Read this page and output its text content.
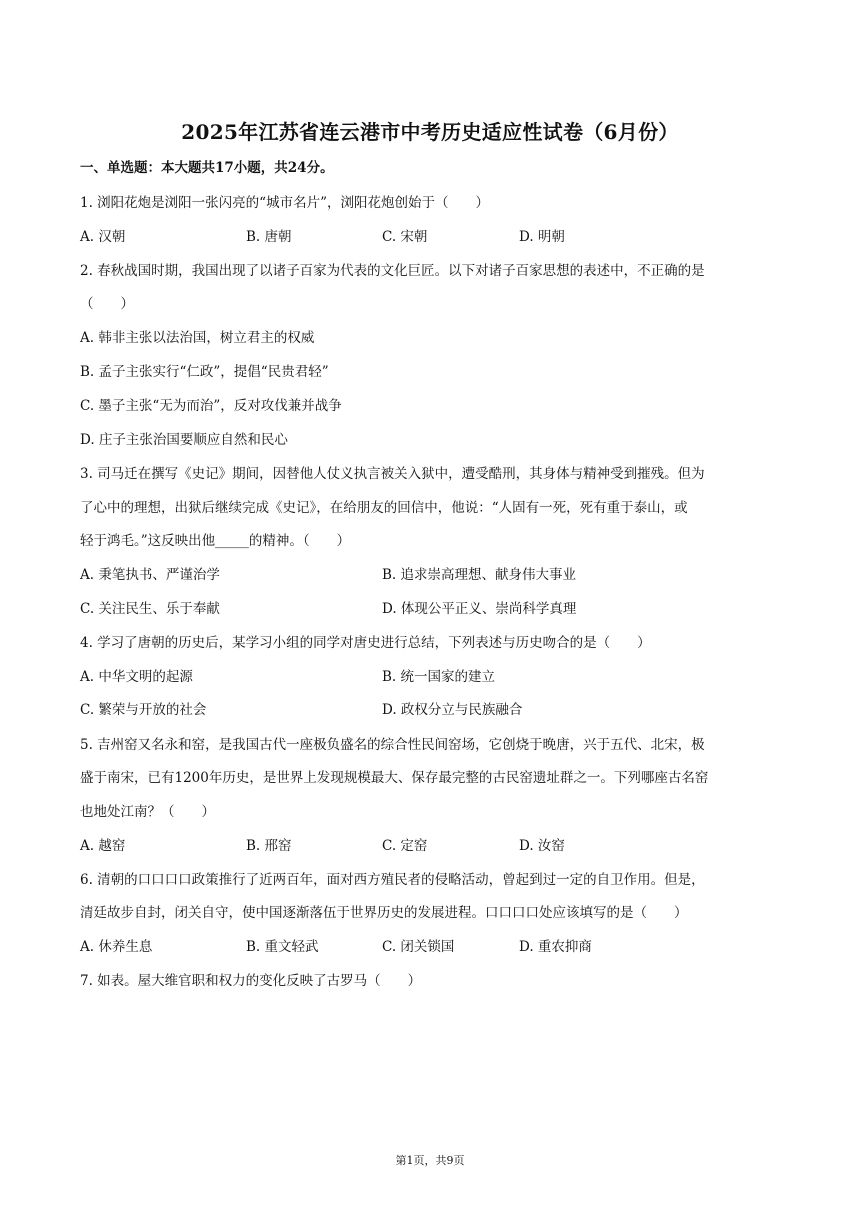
2025年江苏省连云港市中考历史适应性试卷（6月份）
一、单选题：本大题共17小题，共24分。
1. 浏阳花炮是浏阳一张闪亮的“城市名片”，浏阳花炮创始于（　　）
A. 汉朝	B. 唐朝	C. 宋朝	D. 明朝
2. 春秋战国时期，我国出现了以诸子百家为代表的文化巨匠。以下对诸子百家思想的表述中，不正确的是
（　　）
A. 韩非主张以法治国，树立君主的权威
B. 孟子主张实行“仁政”，提倡“民贵君轻”
C. 墨子主张“无为而治”，反对攻伐兼并战争
D. 庄子主张治国要顺应自然和民心
3. 司马迁在撰写《史记》期间，因替他人仗义执言被关入狱中，遭受酷刑，其身体与精神受到摧残。但为
了心中的理想，出狱后继续完成《史记》，在给朋友的回信中，他说：“人固有一死，死有重于泰山，或
轻于鸿毛。”这反映出他_____的精神。（　　）
A. 秉笔执书、严谨治学	B. 追求崇高理想、献身伟大事业
C. 关注民生、乐于奉献	D. 体现公平正义、崇尚科学真理
4. 学习了唐朝的历史后，某学习小组的同学对唐史进行总结，下列表述与历史吻合的是（　　）
A. 中华文明的起源	B. 统一国家的建立
C. 繁荣与开放的社会	D. 政权分立与民族融合
5. 吉州窑又名永和窑，是我国古代一座极负盛名的综合性民间窑场，它创烧于晚唐，兴于五代、北宋，极
盛于南宋，已有1200年历史，是世界上发现规模最大、保存最完整的古民窑遗址群之一。下列哪座古名窑
也地处江南？（　　）
A. 越窑	B. 邢窑	C. 定窑	D. 汝窑
6. 清朝的口口口口政策推行了近两百年，面对西方殖民者的侵略活动，曾起到过一定的自卫作用。但是，
清廷故步自封，闭关自守，使中国逐渐落伍于世界历史的发展进程。口口口口处应该填写的是（　　）
A. 休养生息	B. 重文轻武	C. 闭关锁国	D. 重农抑商
7. 如表。屋大维官职和权力的变化反映了古罗马（　　）
第1页，共9页
